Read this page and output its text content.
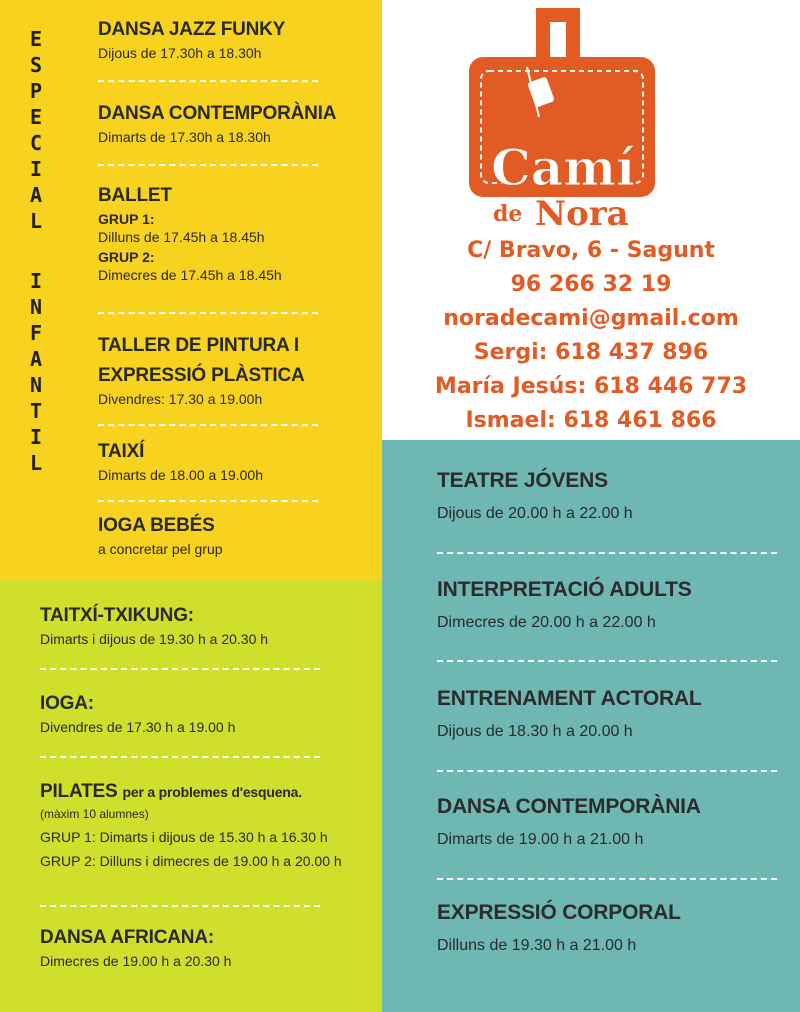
E
S
P
E
C
I
A
L
I
N
F
A
N
T
I
L
DANSA JAZZ FUNKY
Dijous de 17.30h a 18.30h
DANSA CONTEMPORÀNIA
Dimarts de 17.30h a 18.30h
BALLET
GRUP 1:
Dilluns de 17.45h a 18.45h
GRUP 2:
Dimecres de 17.45h a 18.45h
TALLER DE PINTURA I
EXPRESSIÓ PLÀSTICA
Divendres: 17.30 a 19.00h
TAIXÍ
Dimarts de 18.00 a 19.00h
IOGA BEBÉS
a concretar pel grup
TAITXÍ-TXIKUNG:
Dimarts i dijous de 19.30 h a 20.30 h
IOGA:
Divendres de 17.30 h a 19.00 h
PILATES per a problemes d'esquena.
(màxim 10 alumnes)
GRUP 1: Dimarts i dijous de 15.30 h a 16.30 h
GRUP 2: Dilluns i dimecres de 19.00 h a 20.00 h
DANSA AFRICANA:
Dimecres de 19.00 h a 20.30 h
Camí
de Nora
C/ Bravo, 6 - Sagunt
96 266 32 19
noradecami@gmail.com
Sergi: 618 437 896
María Jesús: 618 446 773
Ismael: 618 461 866
TEATRE JÓVENS
Dijous de 20.00 h a 22.00 h
INTERPRETACIÓ ADULTS
Dimecres de 20.00 h a 22.00 h
ENTRENAMENT ACTORAL
Dijous de 18.30 h a 20.00 h
DANSA CONTEMPORÀNIA
Dimarts de 19.00 h a 21.00 h
EXPRESSIÓ CORPORAL
Dilluns de 19.30 h a 21.00 h
